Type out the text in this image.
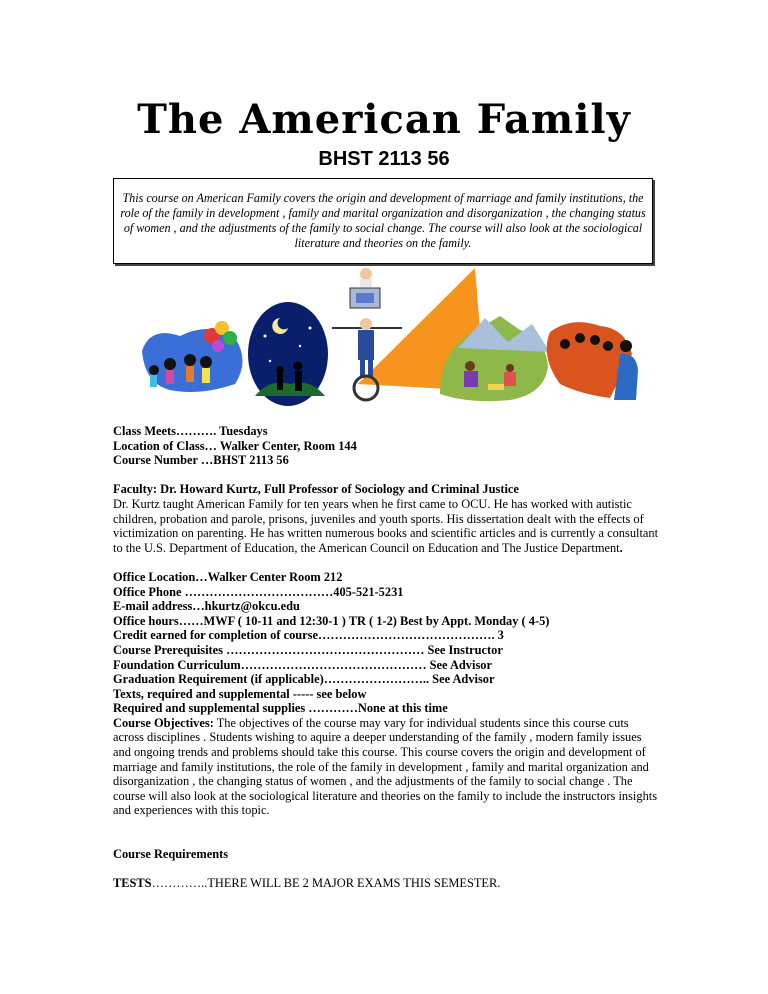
The American Family
BHST 2113 56
This course on American Family covers the origin and development of marriage and family institutions, the role of the family in development , family and marital organization and disorganization , the changing status of women , and the adjustments of the family to social change. The course will also look at the sociological literature and theories on the family.

Class Meets………. Tuesdays

Location of Class… Walker Center, Room 144

Course Number …BHST 2113 56

Faculty: Dr. Howard Kurtz, Full Professor of Sociology and Criminal Justice

Dr. Kurtz taught American Family for ten years when he first came to OCU. He has worked with autistic children, probation and parole, prisons, juveniles and youth sports. His dissertation dealt with the effects of victimization on parenting. He has written numerous books and scientific articles and is currently a consultant to the U.S. Department of Education, the American Council on Education and The Justice Department.

Office Location…Walker Center Room 212

Office Phone ………………………………405-521-5231

E-mail address…hkurtz@okcu.edu

Office hours……MWF ( 10-11 and 12:30-1 ) TR ( 1-2) Best by Appt. Monday ( 4-5)

Credit earned for completion of course……………………………………. 3

Course Prerequisites ………………………………………… See Instructor

Foundation Curriculum……………………………………… See Advisor

Graduation Requirement (if applicable)…………………….. See Advisor

Texts, required and supplemental ----- see below

Required and supplemental supplies …………None at this time

Course Objectives: The objectives of the course may vary for individual students since this course cuts across disciplines . Students wishing to aquire a deeper understanding of the family , modern family issues and ongoing trends and problems should take this course. This course covers the origin and development of marriage and family institutions, the role of the family in development , family and marital organization and disorganization , the changing status of women , and the adjustments of the family to social change . The course will also look at the sociological literature and theories on the family to include the instructors insights and experiences with this topic.

Course Requirements

TESTS…………..THERE WILL BE 2 MAJOR EXAMS THIS SEMESTER.
